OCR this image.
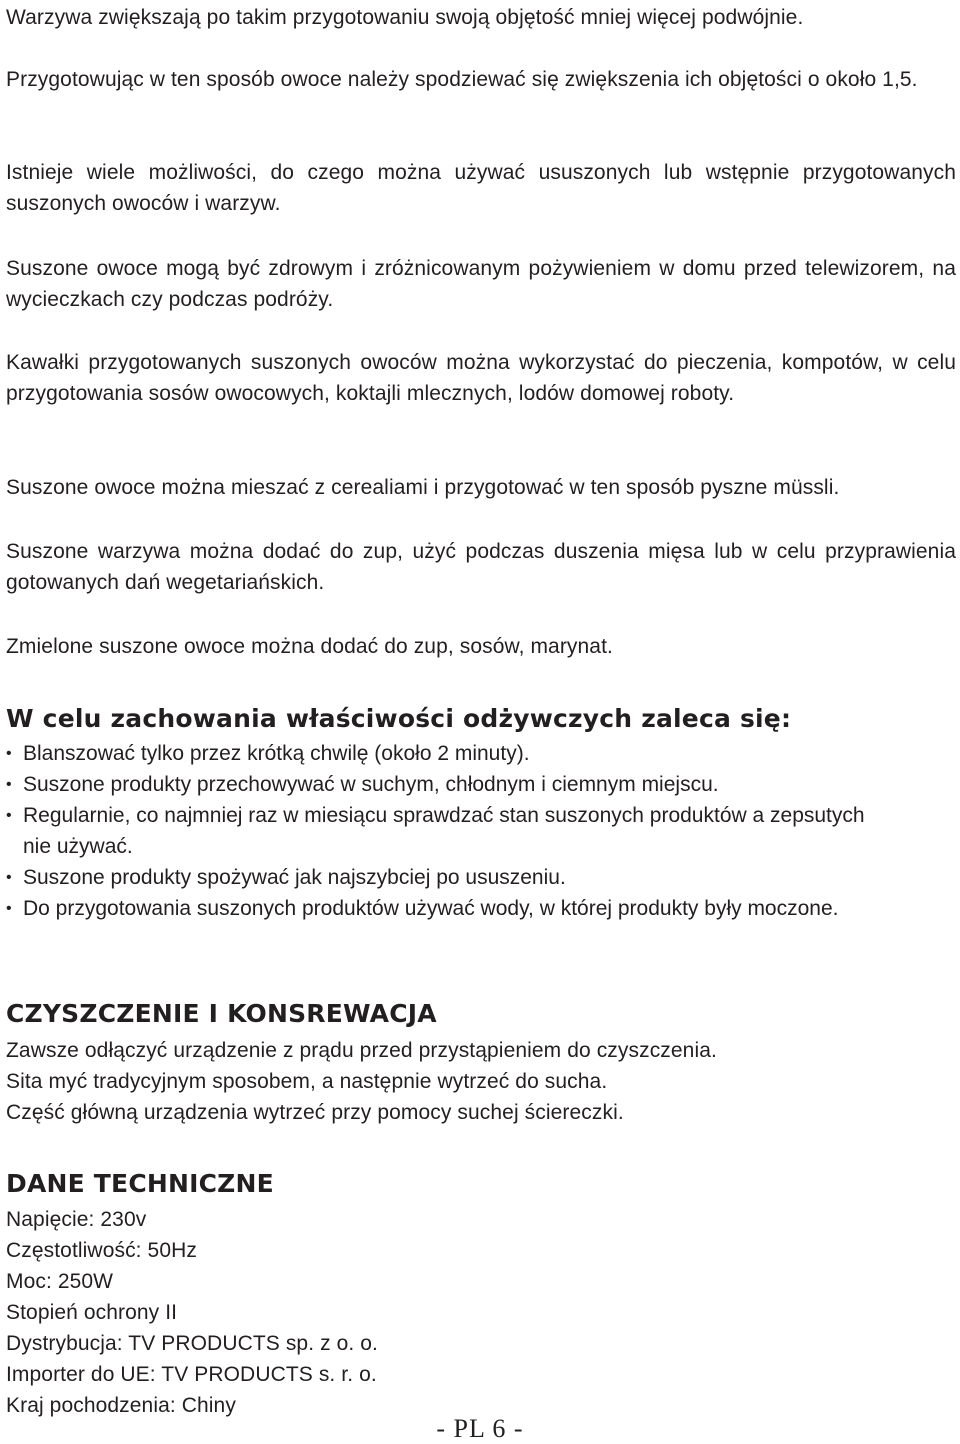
Warzywa zwiększają po takim przygotowaniu swoją objętość mniej więcej podwójnie.

Przygotowując w ten sposób owoce należy spodziewać się zwiększenia ich objętości o około 1,5.

Istnieje wiele możliwości, do czego można używać ususzonych lub wstępnie przygotowanych suszonych owoców i warzyw.

Suszone owoce mogą być zdrowym i zróżnicowanym pożywieniem w domu przed telewizorem, na wycieczkach czy podczas podróży.

Kawałki przygotowanych suszonych owoców można wykorzystać do pieczenia, kompotów, w celu przygotowania sosów owocowych, koktajli mlecznych, lodów domowej roboty.

Suszone owoce można mieszać z cerealiami i przygotować w ten sposób pyszne müssli.

Suszone warzywa można dodać do zup, użyć podczas duszenia mięsa lub w celu przyprawienia gotowanych dań wegetariańskich.

Zmielone suszone owoce można dodać do zup, sosów, marynat.

W celu zachowania właściwości odżywczych zaleca się:
• Blanszować tylko przez krótką chwilę (około 2 minuty).
• Suszone produkty przechowywać w suchym, chłodnym i ciemnym miejscu.
• Regularnie, co najmniej raz w miesiącu sprawdzać stan suszonych produktów a zepsutych nie używać.
• Suszone produkty spożywać jak najszybciej po ususzeniu.
• Do przygotowania suszonych produktów używać wody, w której produkty były moczone.
CZYSZCZENIE I KONSREWACJA

Zawsze odłączyć urządzenie z prądu przed przystąpieniem do czyszczenia.

Sita myć tradycyjnym sposobem, a następnie wytrzeć do sucha.

Część główną urządzenia wytrzeć przy pomocy suchej ściereczki.

DANE TECHNICZNE

Napięcie: 230v

Częstotliwość: 50Hz

Moc: 250W

Stopień ochrony II

Dystrybucja: TV PRODUCTS sp. z o. o.

Importer do UE: TV PRODUCTS s. r. o.

Kraj pochodzenia: Chiny

- PL 6 -
